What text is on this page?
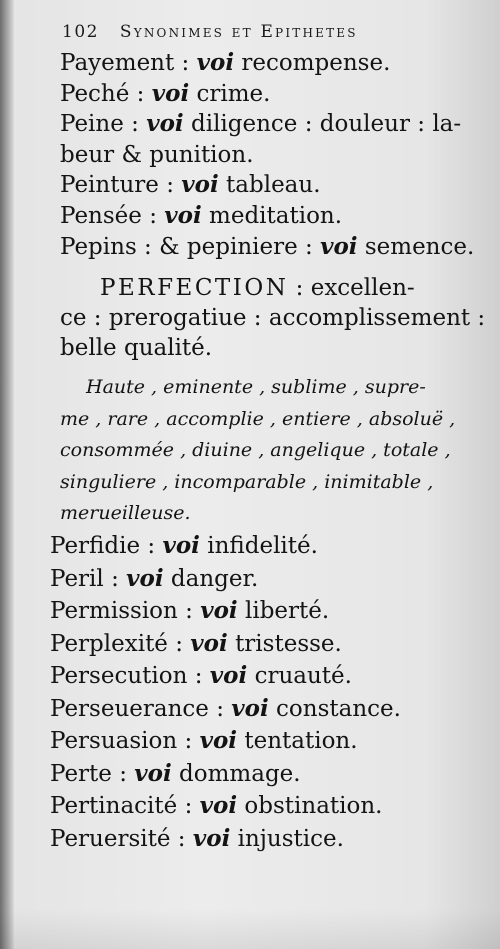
102 Synonimes et Epithetes
Payement : voi recompense.
Peché : voi crime.
Peine : voi diligence : douleur : la-
beur & punition.
Peinture : voi tableau.
Pensée : voi meditation.
Pepins : & pepiniere : voi semence.
PERFECTION : excellen-
ce : prerogatiue : accomplissement :
belle qualité.
Haute , eminente , sublime , supre-
me , rare , accomplie , entiere , absoluë ,
consommée , diuine , angelique , totale ,
singuliere , incomparable , inimitable ,
merueilleuse.
Perfidie : voi infidelité.
Peril : voi danger.
Permission : voi liberté.
Perplexité : voi tristesse.
Persecution : voi cruauté.
Perseuerance : voi constance.
Persuasion : voi tentation.
Perte : voi dommage.
Pertinacité : voi obstination.
Peruersité : voi injustice.
